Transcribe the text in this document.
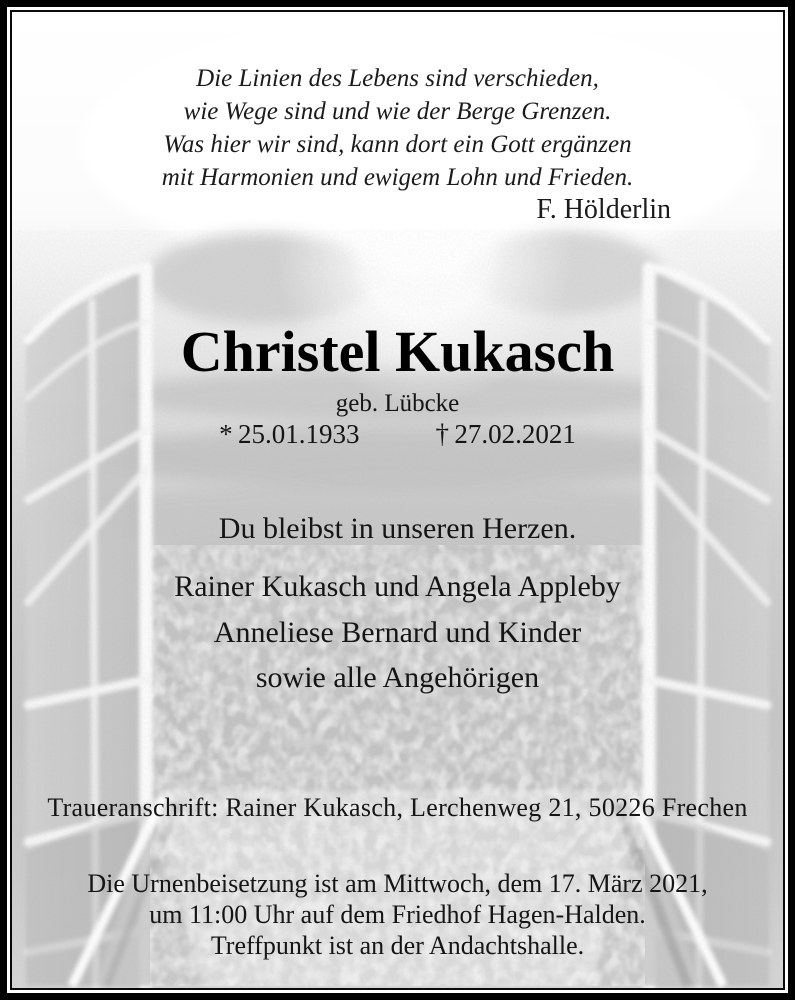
Die Linien des Lebens sind verschieden,
wie Wege sind und wie der Berge Grenzen.
Was hier wir sind, kann dort ein Gott ergänzen
mit Harmonien und ewigem Lohn und Frieden.
F. Hölderlin
Christel Kukasch
geb. Lübcke
*  25.01.1933	†  27.02.2021
Du bleibst in unseren Herzen.
Rainer Kukasch und Angela Appleby
Anneliese Bernard und Kinder
sowie alle Angehörigen
Traueranschrift: Rainer Kukasch, Lerchenweg 21, 50226 Frechen
Die Urnenbeisetzung ist am Mittwoch, dem 17. März 2021,
um 11:00 Uhr auf dem Friedhof Hagen-Halden.
Treffpunkt ist an der Andachtshalle.
